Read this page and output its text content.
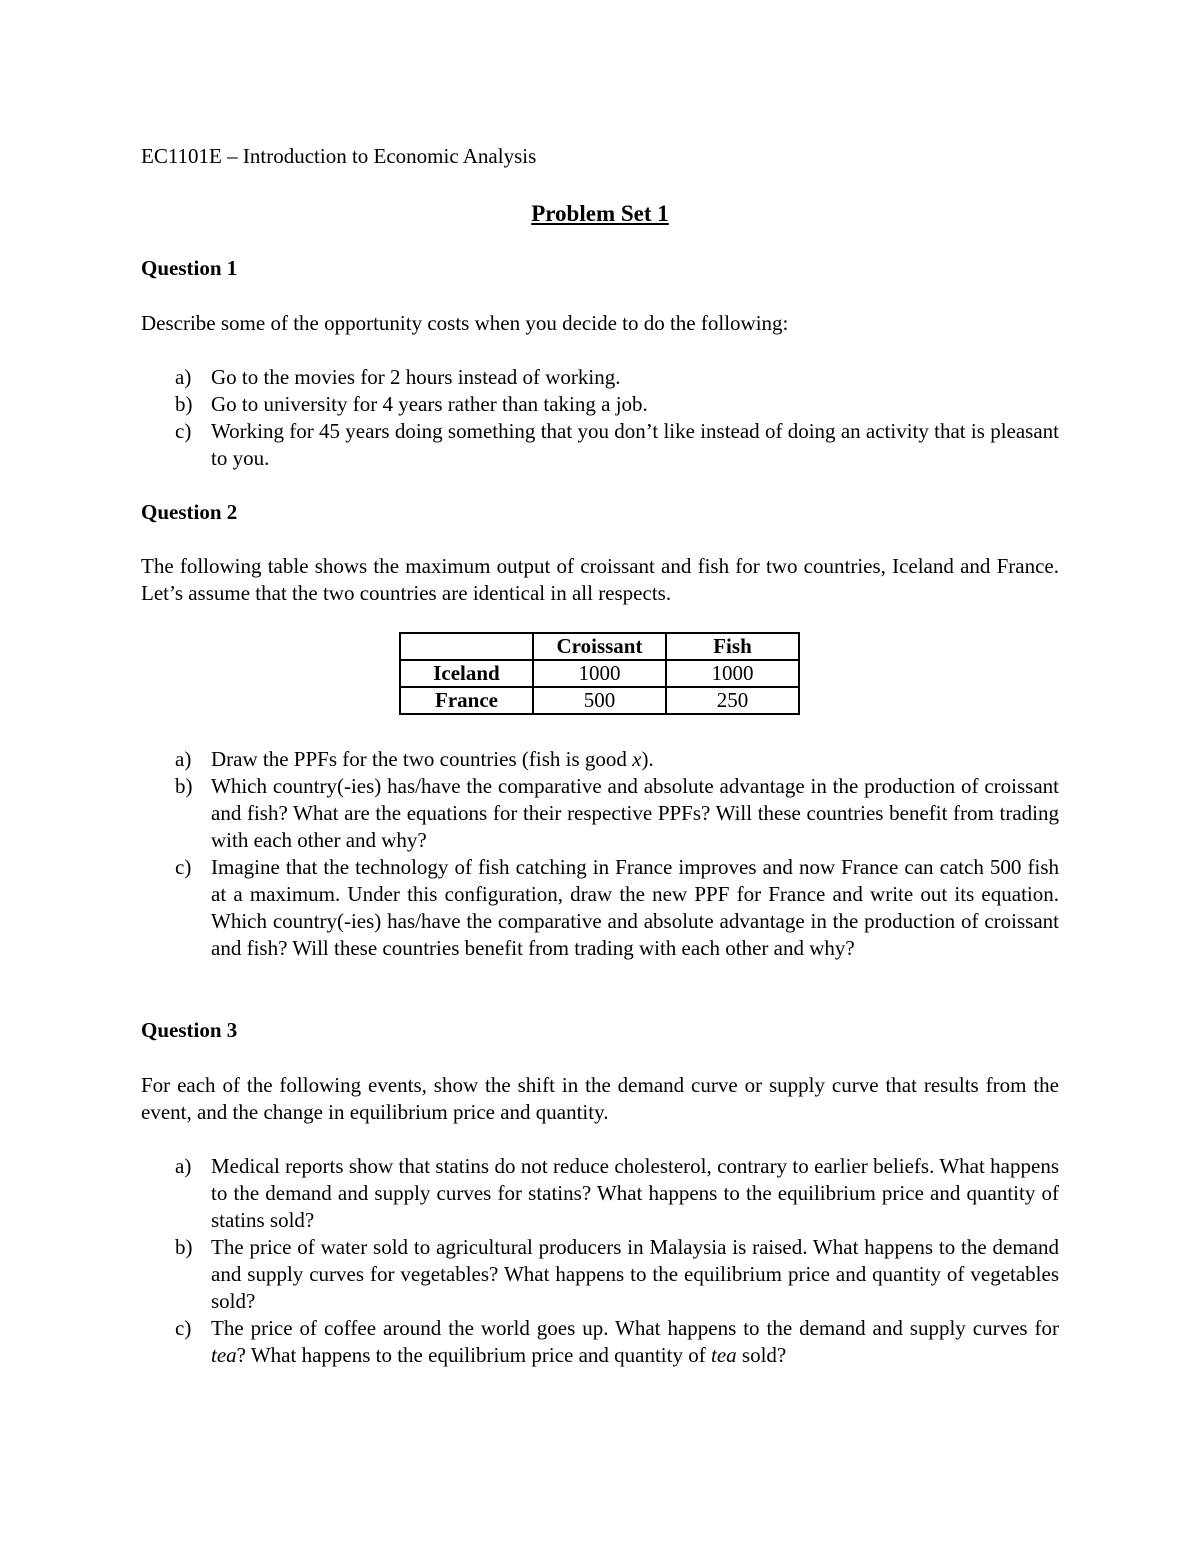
EC1101E – Introduction to Economic Analysis
Problem Set 1
Question 1
Describe some of the opportunity costs when you decide to do the following:
a) Go to the movies for 2 hours instead of working.
b) Go to university for 4 years rather than taking a job.
c) Working for 45 years doing something that you don’t like instead of doing an activity that is pleasant to you.
Question 2
The following table shows the maximum output of croissant and fish for two countries, Iceland and France. Let’s assume that the two countries are identical in all respects.
	Croissant	Fish
Iceland	1000	1000
France	500	250
a) Draw the PPFs for the two countries (fish is good x).
b) Which country(-ies) has/have the comparative and absolute advantage in the production of croissant and fish? What are the equations for their respective PPFs? Will these countries benefit from trading with each other and why?
c) Imagine that the technology of fish catching in France improves and now France can catch 500 fish at a maximum. Under this configuration, draw the new PPF for France and write out its equation. Which country(-ies) has/have the comparative and absolute advantage in the production of croissant and fish? Will these countries benefit from trading with each other and why?
Question 3
For each of the following events, show the shift in the demand curve or supply curve that results from the event, and the change in equilibrium price and quantity.
a) Medical reports show that statins do not reduce cholesterol, contrary to earlier beliefs. What happens to the demand and supply curves for statins? What happens to the equilibrium price and quantity of statins sold?
b) The price of water sold to agricultural producers in Malaysia is raised. What happens to the demand and supply curves for vegetables? What happens to the equilibrium price and quantity of vegetables sold?
c) The price of coffee around the world goes up. What happens to the demand and supply curves for tea? What happens to the equilibrium price and quantity of tea sold?
